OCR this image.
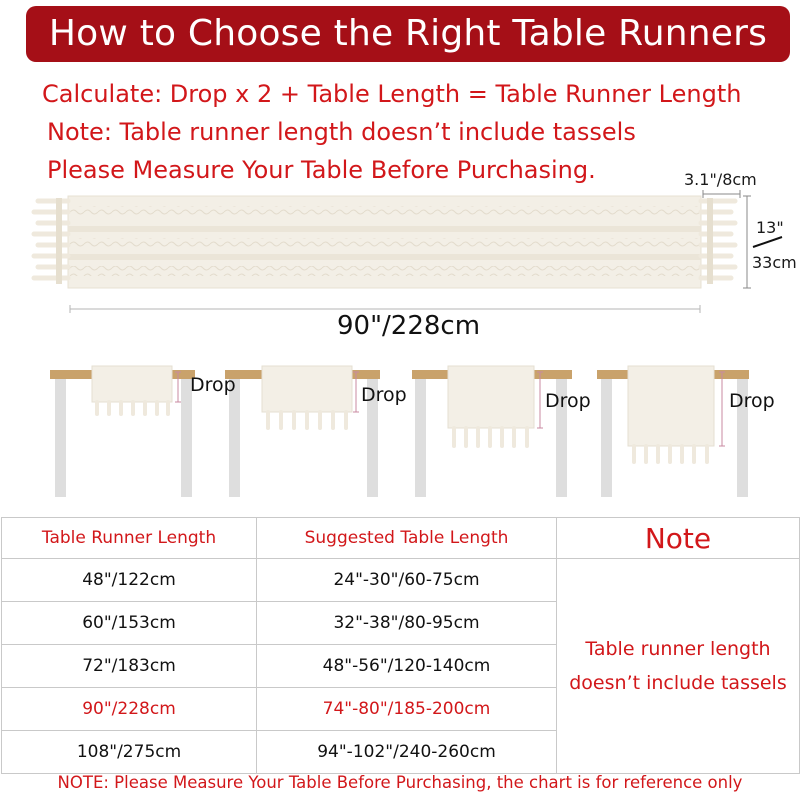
How to Choose the Right Table Runners
Calculate: Drop x 2 + Table Length = Table Runner Length
Note: Table runner length doesn’t include tassels
Please Measure Your Table Before Purchasing.	3.1"/8cm
13"
33cm
90"/228cm
Drop	Drop	Drop	Drop
Table Runner Length	Suggested Table Length	Note
48"/122cm	24"-30"/60-75cm	Table runner length
doesn’t include tassels

60"/153cm	32"-38"/80-95cm	
72"/183cm	48"-56"/120-140cm	
90"/228cm	74"-80"/185-200cm	
108"/275cm	94"-102"/240-260cm	
NOTE: Please Measure Your Table Before Purchasing, the chart is for reference only
